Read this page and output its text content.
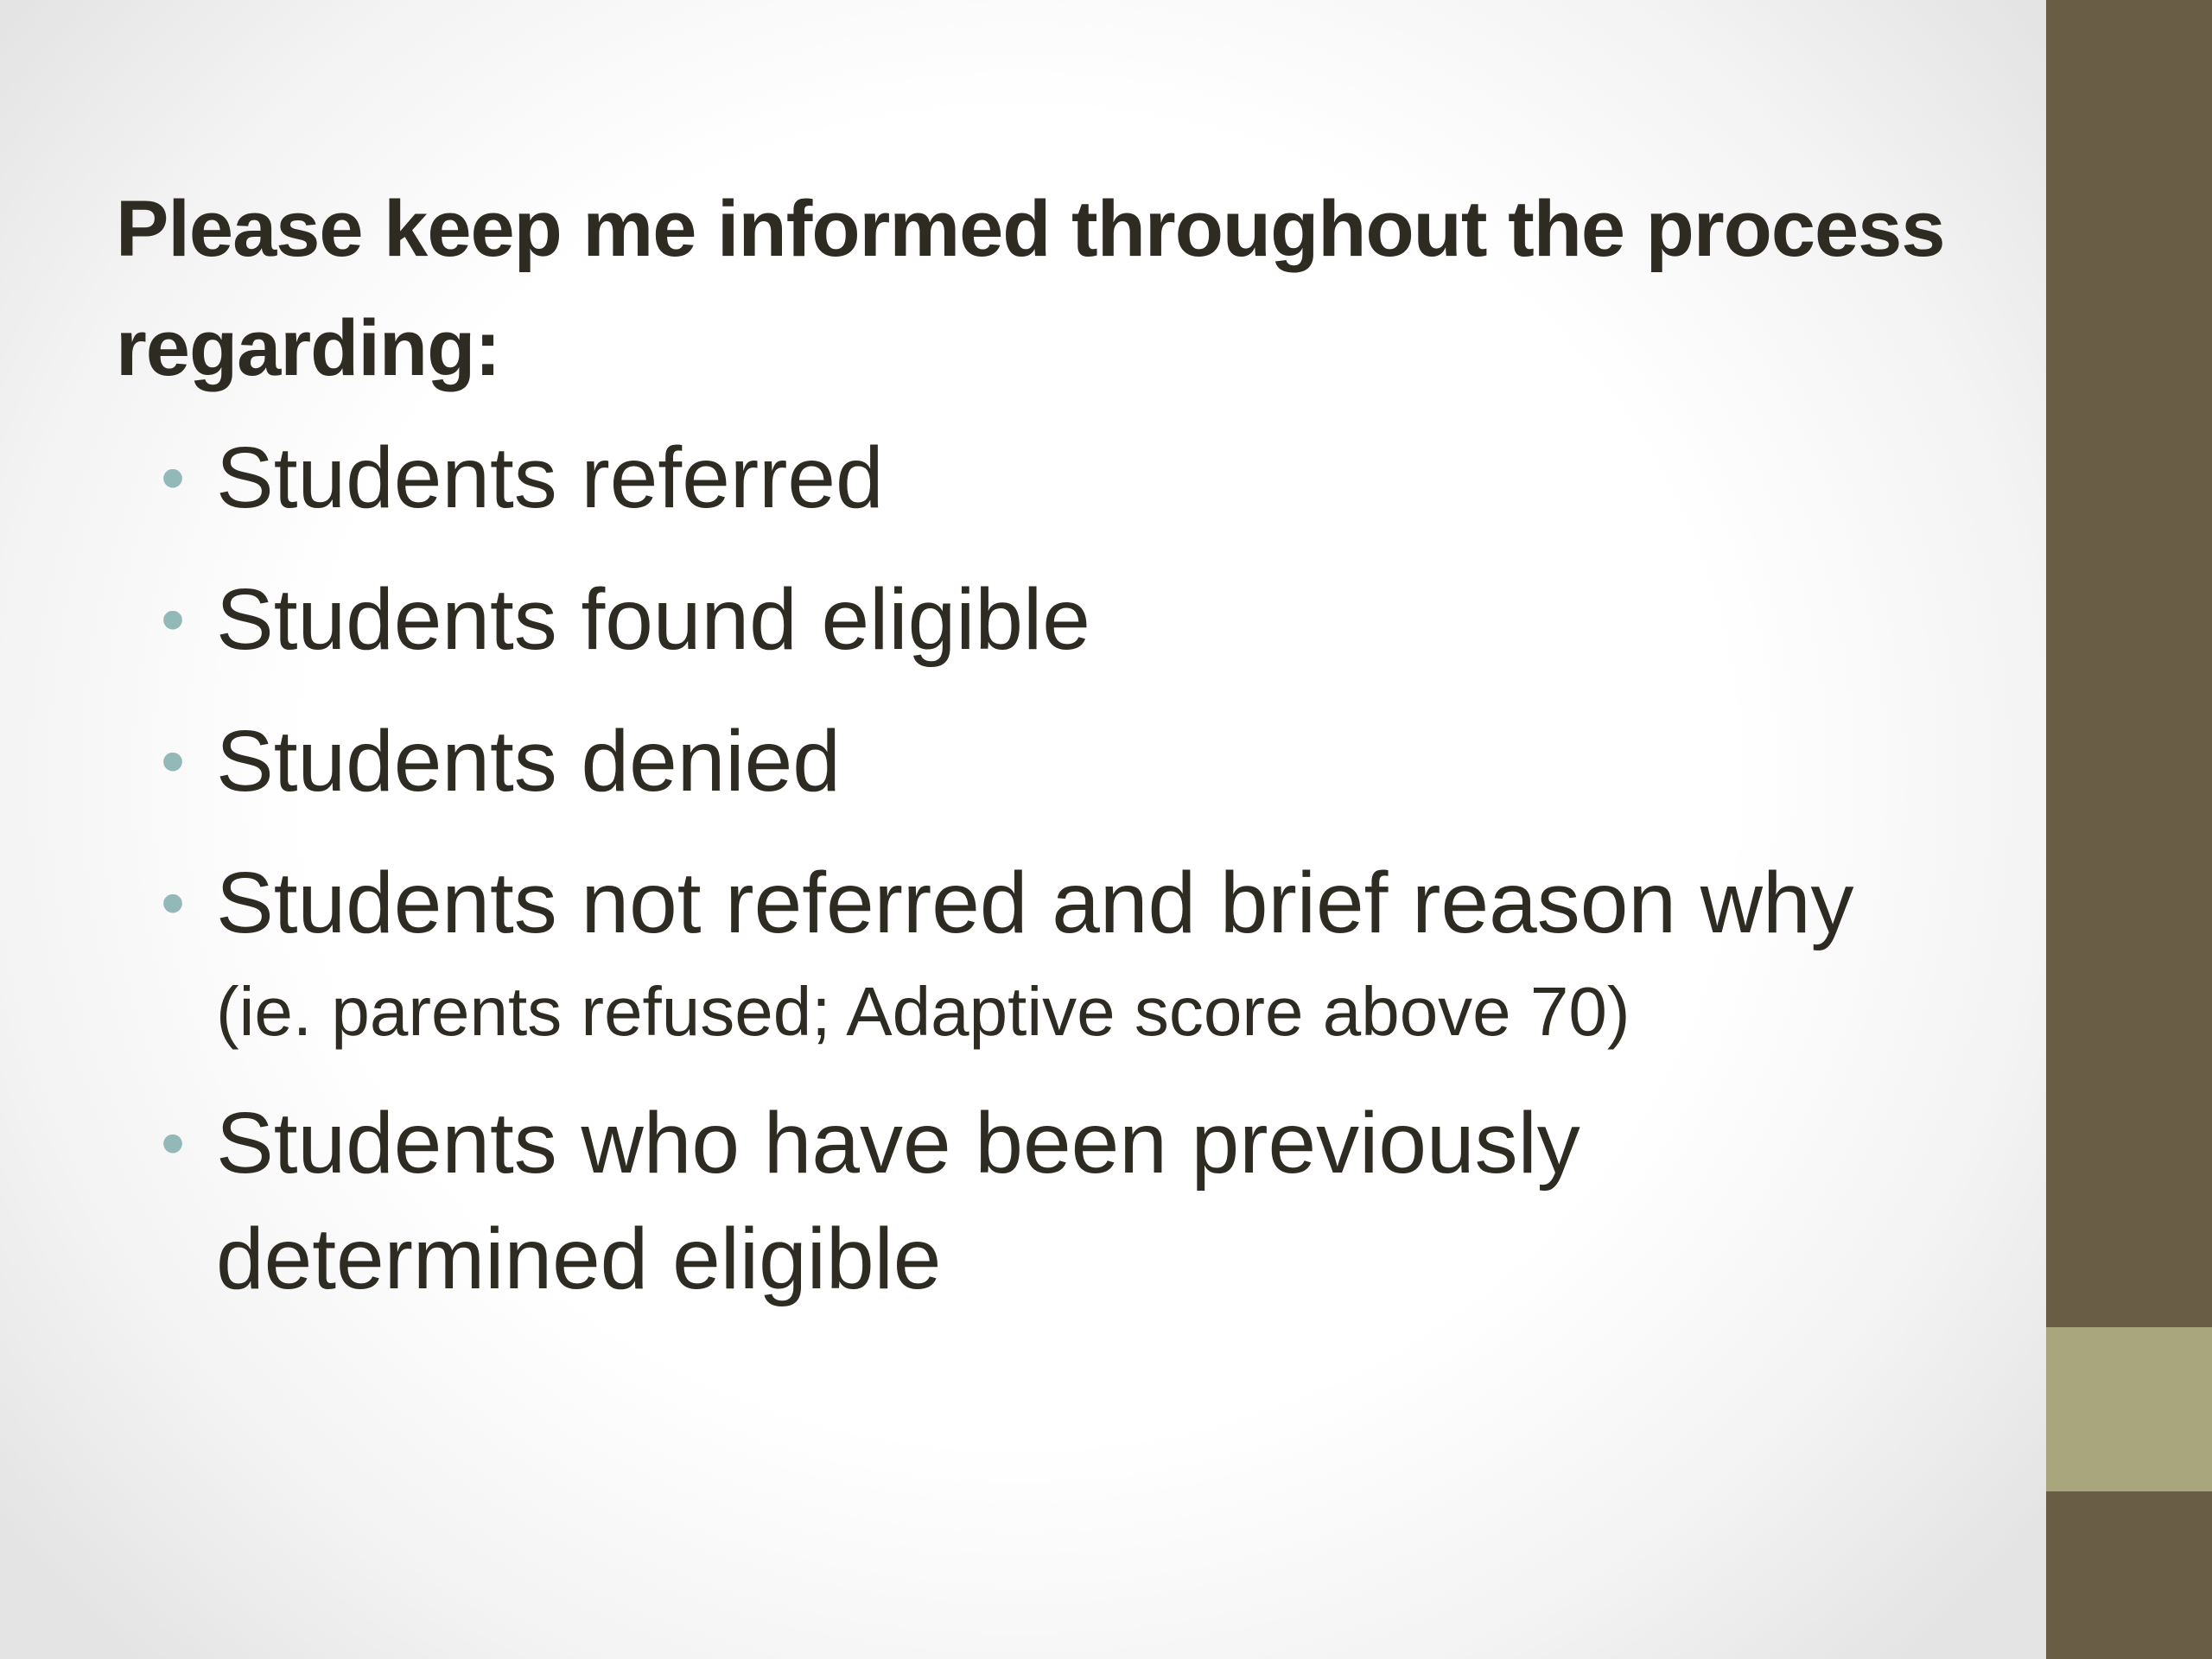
Please keep me informed throughout the process regarding:
• Students referred
• Students found eligible
• Students denied
• Students not referred and brief reason why
(ie. parents refused; Adaptive score above 70)
• Students who have been previously determined eligible
